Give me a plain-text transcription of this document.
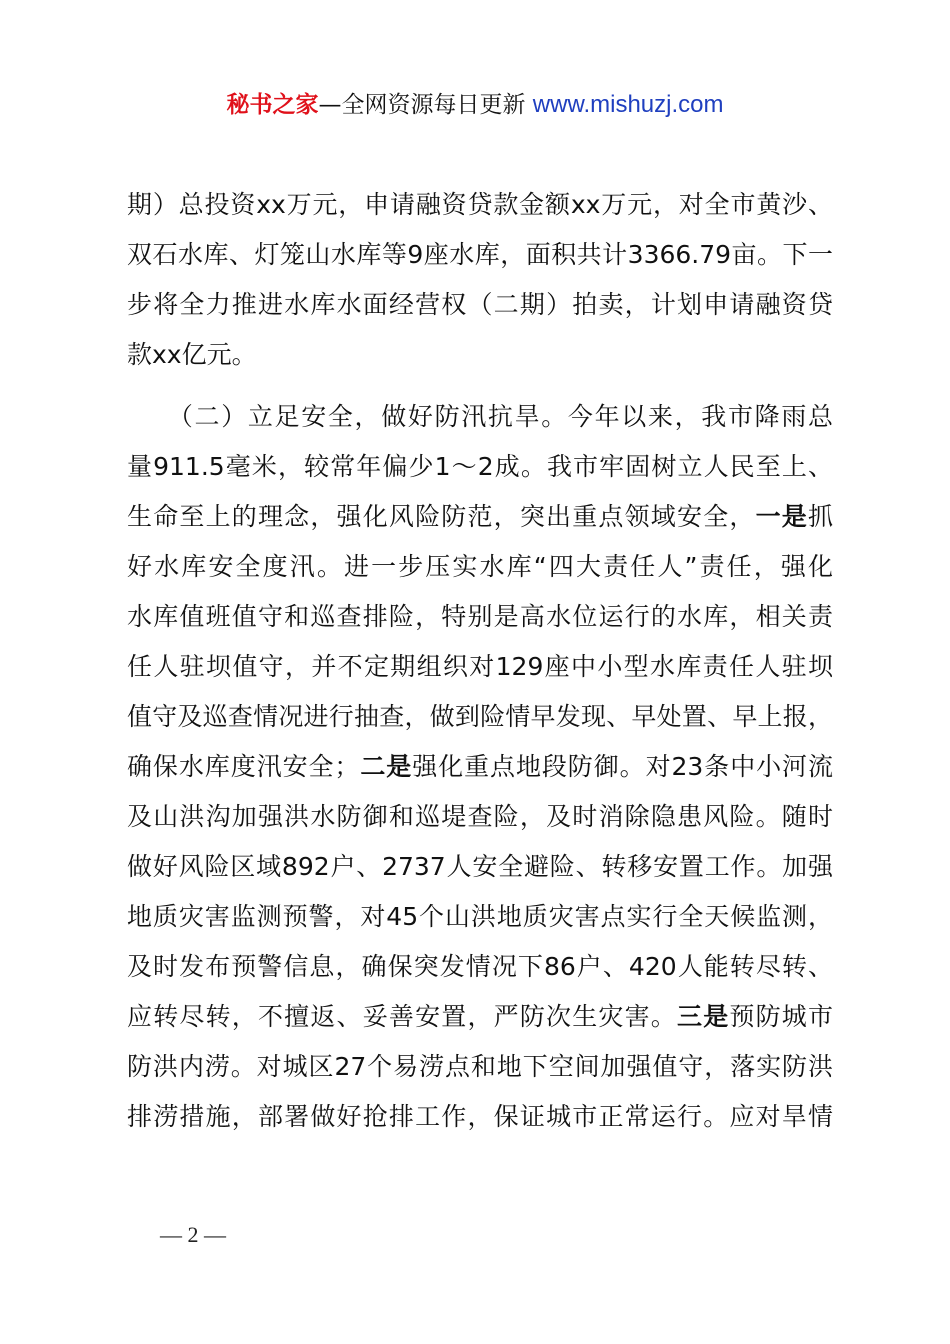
秘书之家—全网资源每日更新 www.mishuzj.com
期）总投资xx万元，申请融资贷款金额xx万元，对全市黄沙、
双石水库、灯笼山水库等9座水库，面积共计3366.79亩。下一
步将全力推进水库水面经营权（二期）拍卖，计划申请融资贷
款xx亿元。
　　（二）立足安全，做好防汛抗旱。今年以来，我市降雨总
量911.5毫米，较常年偏少1～2成。我市牢固树立人民至上、
生命至上的理念，强化风险防范，突出重点领域安全，一是抓
好水库安全度汛。进一步压实水库“四大责任人”责任，强化
水库值班值守和巡查排险，特别是高水位运行的水库，相关责
任人驻坝值守，并不定期组织对129座中小型水库责任人驻坝
值守及巡查情况进行抽查，做到险情早发现、早处置、早上报，
确保水库度汛安全；二是强化重点地段防御。对23条中小河流
及山洪沟加强洪水防御和巡堤查险，及时消除隐患风险。随时
做好风险区域892户、2737人安全避险、转移安置工作。加强
地质灾害监测预警，对45个山洪地质灾害点实行全天候监测，
及时发布预警信息，确保突发情况下86户、420人能转尽转、
应转尽转，不擅返、妥善安置，严防次生灾害。三是预防城市
防洪内涝。对城区27个易涝点和地下空间加强值守，落实防洪
排涝措施，部署做好抢排工作，保证城市正常运行。应对旱情
— 2 —
